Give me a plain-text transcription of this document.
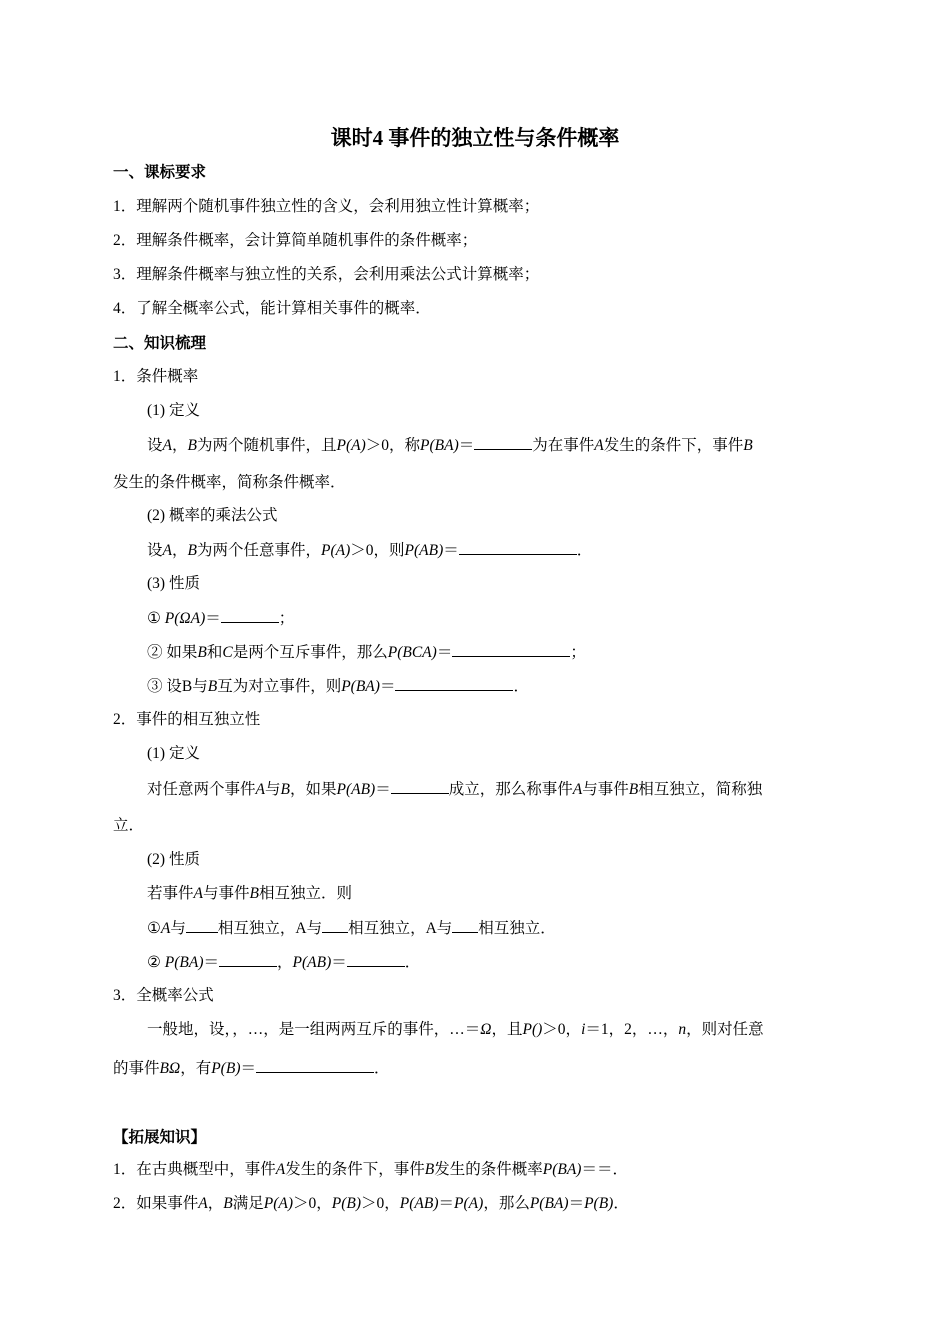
课时4 事件的独立性与条件概率
一、课标要求
1．理解两个随机事件独立性的含义，会利用独立性计算概率；
2．理解条件概率，会计算简单随机事件的条件概率；
3．理解条件概率与独立性的关系，会利用乘法公式计算概率；
4．了解全概率公式，能计算相关事件的概率．
二、知识梳理
1．条件概率
(1) 定义
设A，B为两个随机事件，且P(A)＞0，称P(BA)＝	为在事件A发生的条件下，事件B
发生的条件概率，简称条件概率．
(2) 概率的乘法公式
设A，B为两个任意事件，P(A)＞0，则P(AB)＝	．
(3) 性质
① P(ΩA)＝	；
② 如果B和C是两个互斥事件，那么P(BCA)＝	；
③ 设B与B互为对立事件，则P(BA)＝	．
2．事件的相互独立性
(1) 定义
对任意两个事件A与B，如果P(AB)＝	成立，那么称事件A与事件B相互独立，简称独
立．
(2) 性质
若事件A与事件B相互独立．则
①A与 相互独立，A与 相互独立，A与 相互独立．
② P(BA)＝	，P(AB)＝	．
3．全概率公式
一般地，设，，…，是一组两两互斥的事件，…＝Ω，且P()＞0，i＝1，2，…，n，则对任意
的事件BΩ，有P(B)＝	．
【拓展知识】
1．在古典概型中，事件A发生的条件下，事件B发生的条件概率P(BA)＝＝．
2．如果事件A，B满足P(A)＞0，P(B)＞0，P(AB)＝P(A)，那么P(BA)＝P(B)．
